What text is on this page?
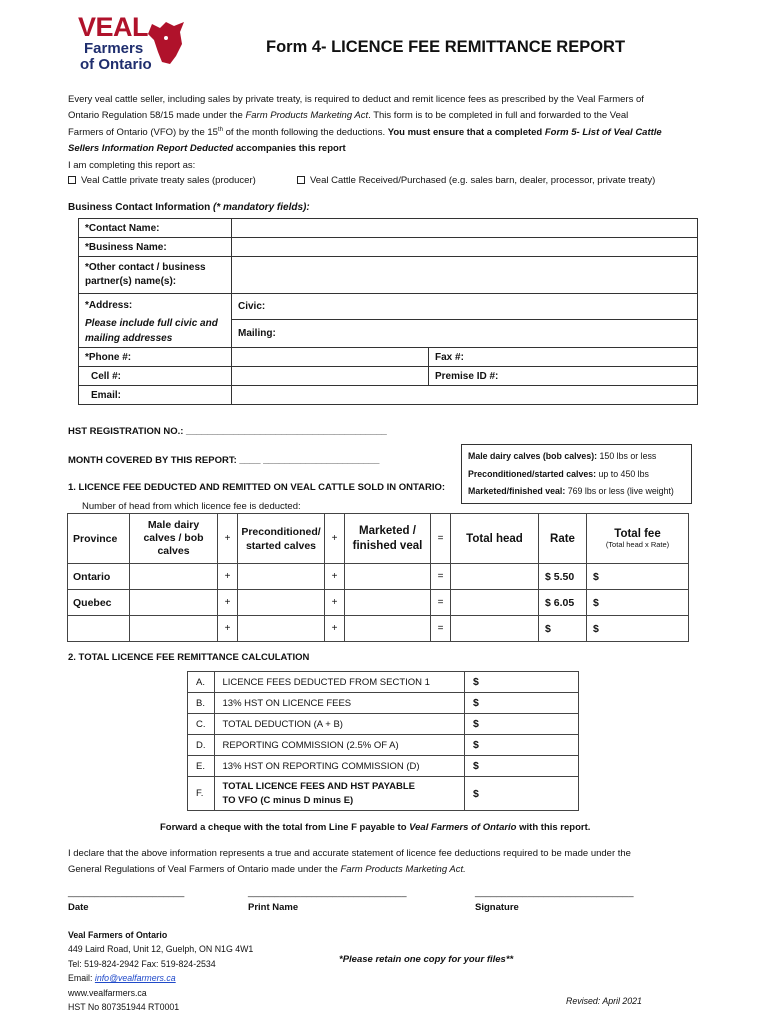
VEAL
Farmers
of Ontario
Form 4- LICENCE FEE REMITTANCE REPORT
Every veal cattle seller, including sales by private treaty, is required to deduct and remit licence fees as prescribed by the Veal Farmers of
Ontario Regulation 58/15 made under the Farm Products Marketing Act. This form is to be completed in full and forwarded to the Veal
Farmers of Ontario (VFO) by the 15th of the month following the deductions. You must ensure that a completed Form 5- List of Veal Cattle
Sellers Information Report Deducted accompanies this report
I am completing this report as:
Veal Cattle private treaty sales (producer)	Veal Cattle Received/Purchased (e.g. sales barn, dealer, processor, private treaty)
Business Contact Information (* mandatory fields):
*Contact Name:		
*Business Name:		
*Other contact / business partner(s) name(s):		

*Address:
Please include full civic and mailing addresses	Civic:	
	Mailing:	
*Phone #:		Fax #:
Cell #:		Premise ID #:
Email:		
HST REGISTRATION NO.: ______________________________________
MONTH COVERED BY THIS REPORT: ____ ______________________	Male dairy calves (bob calves): 150 lbs or less
Preconditioned/started calves: up to 450 lbs
Marketed/finished veal: 769 lbs or less (live weight)
1. LICENCE FEE DEDUCTED AND REMITTED ON VEAL CATTLE SOLD IN ONTARIO:
Number of head from which licence fee is deducted:
Province	Male dairy calves / bob calves	+	Preconditioned/ started calves	+	Marketed / finished veal	=	Total head	Rate	Total fee
(Total head x Rate)

Ontario		+		+		=		$ 5.50	$
Quebec		+		+		=		$ 6.05	$
		+		+		=		$	$
2. TOTAL LICENCE FEE REMITTANCE CALCULATION
A.	LICENCE FEES DEDUCTED FROM SECTION 1	$
B.	13% HST ON LICENCE FEES	$
C.	TOTAL DEDUCTION (A + B)	$
D.	REPORTING COMMISSION (2.5% OF A)	$
E.	13% HST ON REPORTING COMMISSION (D)	$
F.	TOTAL LICENCE FEES AND HST PAYABLE
TO VFO (C minus D minus E)	$
Forward a cheque with the total from Line F payable to Veal Farmers of Ontario with this report.
I declare that the above information represents a true and accurate statement of licence fee deductions required to be made under the
General Regulations of Veal Farmers of Ontario made under the Farm Products Marketing Act.
______________________	______________________________	______________________________
Date	Print Name	Signature
Veal Farmers of Ontario
449 Laird Road, Unit 12, Guelph, ON N1G 4W1
Tel: 519-824-2942 Fax: 519-824-2534
Email: info@vealfarmers.ca
www.vealfarmers.ca
HST No 807351944 RT0001
*Please retain one copy for your files**
Revised: April 2021
